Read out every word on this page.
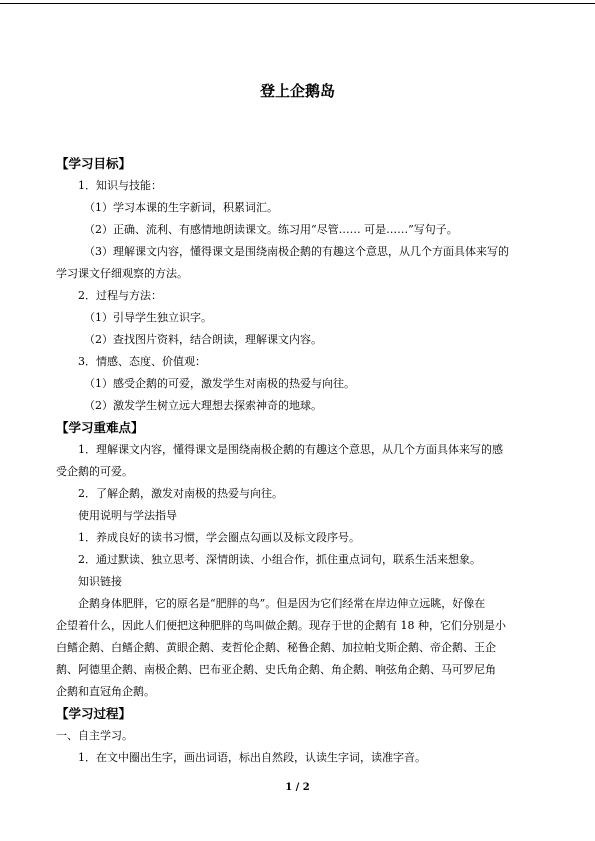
登上企鹅岛

【学习目标】

1．知识与技能：

（1）学习本课的生字新词，积累词汇。

（2）正确、流利、有感情地朗读课文。练习用“尽管…… 可是……”写句子。

（3）理解课文内容，懂得课文是围绕南极企鹅的有趣这个意思，从几个方面具体来写的

学习课文仔细观察的方法。

2．过程与方法：

（1）引导学生独立识字。

（2）查找图片资料，结合朗读，理解课文内容。

3．情感、态度、价值观：

（1）感受企鹅的可爱，激发学生对南极的热爱与向往。

（2）激发学生树立远大理想去探索神奇的地球。

【学习重难点】

1．理解课文内容，懂得课文是围绕南极企鹅的有趣这个意思，从几个方面具体来写的感

受企鹅的可爱。

2．了解企鹅，激发对南极的热爱与向往。

使用说明与学法指导

1．养成良好的读书习惯，学会圈点勾画以及标文段序号。

2．通过默读、独立思考、深情朗读、小组合作，抓住重点词句，联系生活来想象。

知识链接

企鹅身体肥胖，它的原名是“肥胖的鸟”。但是因为它们经常在岸边伸立远眺，好像在

企望着什么，因此人们便把这种肥胖的鸟叫做企鹅。现存于世的企鹅有 18 种，它们分别是小

白鳍企鹅、白鳍企鹅、黄眼企鹅、麦哲伦企鹅、秘鲁企鹅、加拉帕戈斯企鹅、帝企鹅、王企

鹅、阿德里企鹅、南极企鹅、巴布亚企鹅、史氏角企鹅、角企鹅、响弦角企鹅、马可罗尼角

企鹅和直冠角企鹅。

【学习过程】

一、自主学习。

1．在文中圈出生字，画出词语，标出自然段，认读生字词，读准字音。

1 / 2
